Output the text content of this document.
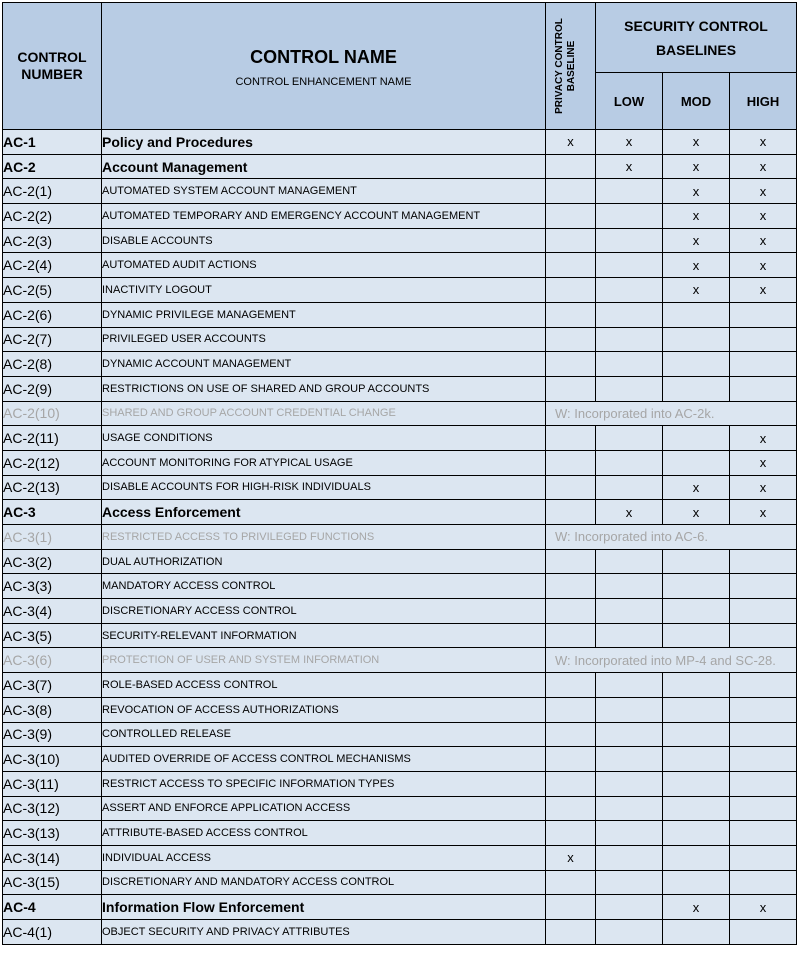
CONTROL NUMBER	CONTROL NAME
CONTROL ENHANCEMENT NAME	PRIVACY CONTROL BASELINE	SECURITY CONTROL BASELINES		

			LOW	MOD	HIGH
AC-1	Policy and Procedures	x	x	x	x
AC-2	Account Management		x	x	x
AC-2(1)	AUTOMATED SYSTEM ACCOUNT MANAGEMENT			x	x
AC-2(2)	AUTOMATED TEMPORARY AND EMERGENCY ACCOUNT MANAGEMENT			x	x
AC-2(3)	DISABLE ACCOUNTS			x	x
AC-2(4)	AUTOMATED AUDIT ACTIONS			x	x
AC-2(5)	INACTIVITY LOGOUT			x	x
AC-2(6)	DYNAMIC PRIVILEGE MANAGEMENT				
AC-2(7)	PRIVILEGED USER ACCOUNTS				
AC-2(8)	DYNAMIC ACCOUNT MANAGEMENT				
AC-2(9)	RESTRICTIONS ON USE OF SHARED AND GROUP ACCOUNTS				
AC-2(10)	SHARED AND GROUP ACCOUNT CREDENTIAL CHANGE	W: Incorporated into AC-2k.			
AC-2(11)	USAGE CONDITIONS				x
AC-2(12)	ACCOUNT MONITORING FOR ATYPICAL USAGE				x
AC-2(13)	DISABLE ACCOUNTS FOR HIGH-RISK INDIVIDUALS			x	x
AC-3	Access Enforcement		x	x	x
AC-3(1)	RESTRICTED ACCESS TO PRIVILEGED FUNCTIONS	W: Incorporated into AC-6.			
AC-3(2)	DUAL AUTHORIZATION				
AC-3(3)	MANDATORY ACCESS CONTROL				
AC-3(4)	DISCRETIONARY ACCESS CONTROL				
AC-3(5)	SECURITY-RELEVANT INFORMATION				
AC-3(6)	PROTECTION OF USER AND SYSTEM INFORMATION	W: Incorporated into MP-4 and SC-28.			
AC-3(7)	ROLE-BASED ACCESS CONTROL				
AC-3(8)	REVOCATION OF ACCESS AUTHORIZATIONS				
AC-3(9)	CONTROLLED RELEASE				
AC-3(10)	AUDITED OVERRIDE OF ACCESS CONTROL MECHANISMS				
AC-3(11)	RESTRICT ACCESS TO SPECIFIC INFORMATION TYPES				
AC-3(12)	ASSERT AND ENFORCE APPLICATION ACCESS				
AC-3(13)	ATTRIBUTE-BASED ACCESS CONTROL				
AC-3(14)	INDIVIDUAL ACCESS	x			
AC-3(15)	DISCRETIONARY AND MANDATORY ACCESS CONTROL				
AC-4	Information Flow Enforcement			x	x
AC-4(1)	OBJECT SECURITY AND PRIVACY ATTRIBUTES				
